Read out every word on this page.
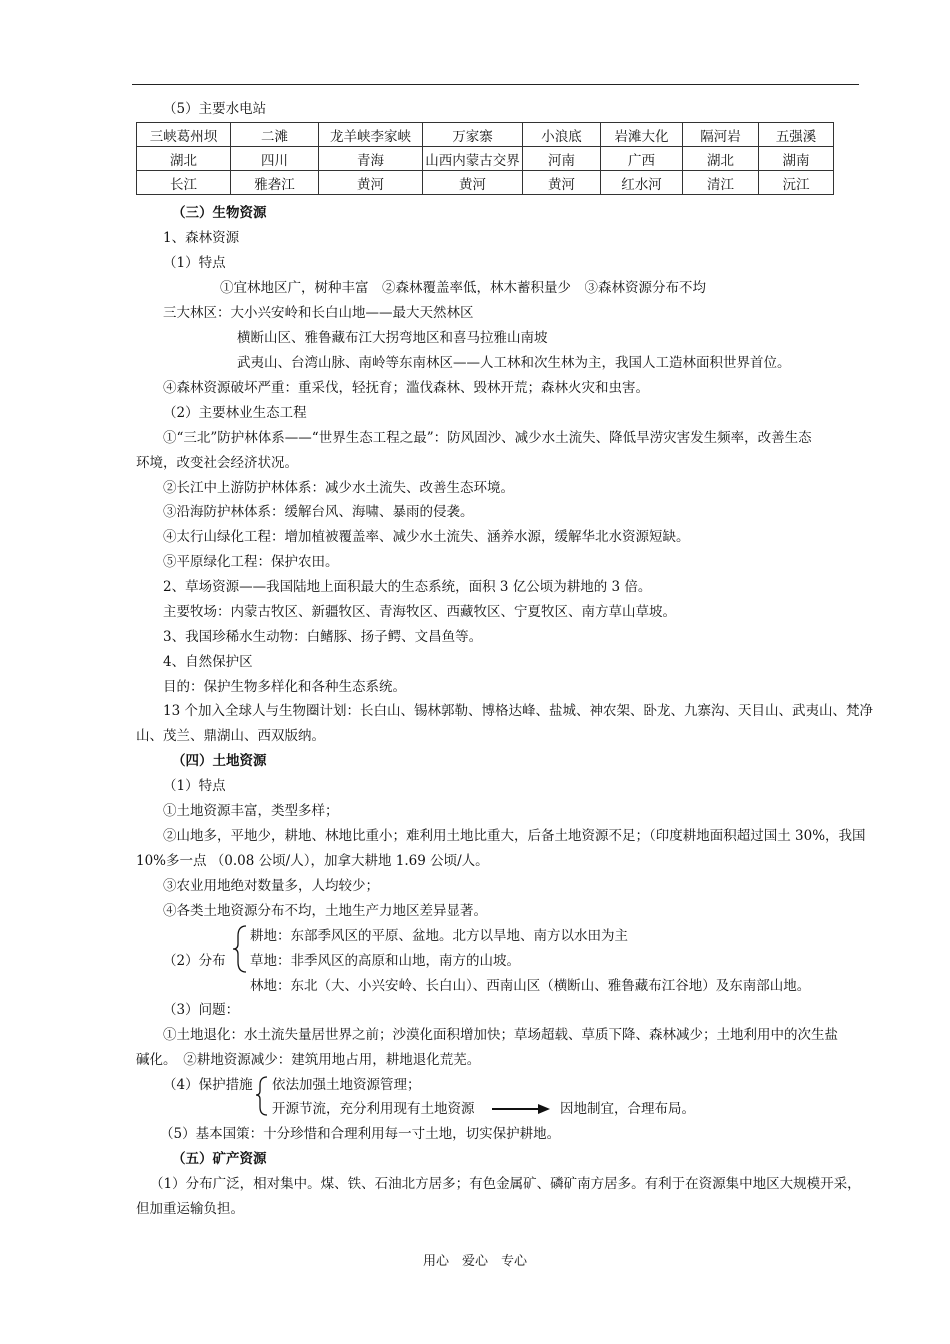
（5）主要水电站
三峡葛州坝	二滩	龙羊峡李家峡	万家寨	小浪底	岩滩大化	隔河岩	五强溪
湖北	四川	青海	山西内蒙古交界	河南	广西	湖北	湖南
长江	雅砻江	黄河	黄河	黄河	红水河	清江	沅江
（三）生物资源
1、森林资源
（1）特点
①宜林地区广，树种丰富　②森林覆盖率低，林木蓄积量少　③森林资源分布不均
三大林区：大小兴安岭和长白山地——最大天然林区
横断山区、雅鲁藏布江大拐弯地区和喜马拉雅山南坡
武夷山、台湾山脉、南岭等东南林区——人工林和次生林为主，我国人工造林面积世界首位。
④森林资源破坏严重：重采伐，轻抚育；滥伐森林、毁林开荒；森林火灾和虫害。
（2）主要林业生态工程
①“三北”防护林体系——“世界生态工程之最”：防风固沙、减少水土流失、降低旱涝灾害发生频率，改善生态
环境，改变社会经济状况。
②长江中上游防护林体系：减少水土流失、改善生态环境。
③沿海防护林体系：缓解台风、海啸、暴雨的侵袭。
④太行山绿化工程：增加植被覆盖率、减少水土流失、涵养水源，缓解华北水资源短缺。
⑤平原绿化工程：保护农田。
2、草场资源——我国陆地上面积最大的生态系统，面积 3 亿公顷为耕地的 3 倍。
主要牧场：内蒙古牧区、新疆牧区、青海牧区、西藏牧区、宁夏牧区、南方草山草坡。
3、我国珍稀水生动物：白鳍豚、扬子鳄、文昌鱼等。
4、自然保护区
目的：保护生物多样化和各种生态系统。
13 个加入全球人与生物圈计划：长白山、锡林郭勒、博格达峰、盐城、神农架、卧龙、九寨沟、天目山、武夷山、梵净
山、茂兰、鼎湖山、西双版纳。
（四）土地资源
（1）特点
①土地资源丰富，类型多样；
②山地多，平地少，耕地、林地比重小；难利用土地比重大，后备土地资源不足；（印度耕地面积超过国土 30%，我国
10%多一点 （0.08 公顷/人），加拿大耕地 1.69 公顷/人。
③农业用地绝对数量多，人均较少；
④各类土地资源分布不均，土地生产力地区差异显著。
（2）分布
耕地：东部季风区的平原、盆地。北方以旱地、南方以水田为主
草地：非季风区的高原和山地，南方的山坡。
林地：东北（大、小兴安岭、长白山）、西南山区（横断山、雅鲁藏布江谷地）及东南部山地。
（3）问题：
①土地退化：水土流失量居世界之前；沙漠化面积增加快；草场超载、草质下降、森林减少；土地利用中的次生盐
碱化。　②耕地资源减少：建筑用地占用，耕地退化荒芜。
（4）保护措施 依法加强土地资源管理；
开源节流，充分利用现有土地资源	因地制宜，合理布局。
（5）基本国策：十分珍惜和合理利用每一寸土地，切实保护耕地。
（五）矿产资源
（1）分布广泛，相对集中。煤、铁、石油北方居多；有色金属矿、磷矿南方居多。有利于在资源集中地区大规模开采，
但加重运输负担。
用心　爱心　专心
